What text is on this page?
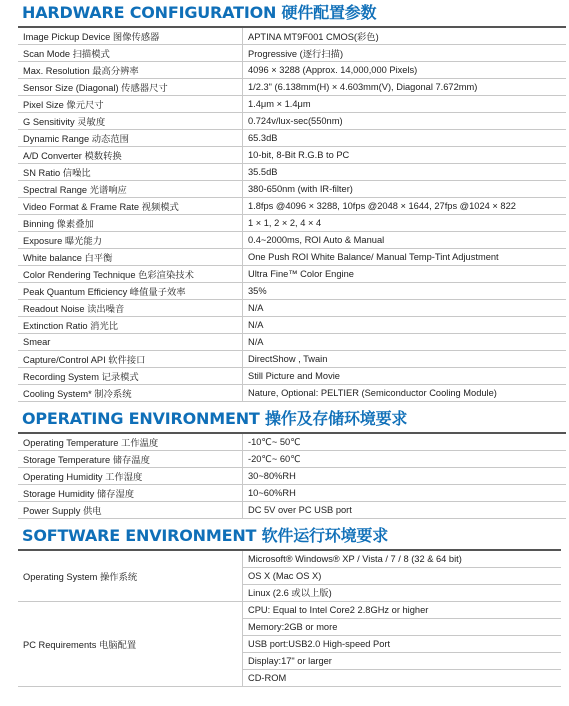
HARDWARE CONFIGURATION 硬件配置参数
Image Pickup Device 图像传感器	APTINA MT9F001 CMOS(彩色)
Scan Mode 扫描模式	Progressive (逐行扫描)
Max. Resolution 最高分辨率	4096 × 3288 (Approx. 14,000,000 Pixels)
Sensor Size (Diagonal) 传感器尺寸	1/2.3" (6.138mm(H) × 4.603mm(V), Diagonal 7.672mm)
Pixel Size 像元尺寸	1.4μm × 1.4μm
G Sensitivity 灵敏度	0.724v/lux-sec(550nm)
Dynamic Range 动态范围	65.3dB
A/D Converter 模数转换	10-bit, 8-Bit R.G.B to PC
SN Ratio 信噪比	35.5dB
Spectral Range 光谱响应	380-650nm (with IR-filter)
Video Format & Frame Rate 视频模式	1.8fps @4096 × 3288, 10fps @2048 × 1644, 27fps @1024 × 822
Binning 像素叠加	1 × 1, 2 × 2, 4 × 4
Exposure 曝光能力	0.4~2000ms, ROI Auto & Manual
White balance 白平衡	One Push ROI White Balance/ Manual Temp-Tint Adjustment
Color Rendering Technique 色彩渲染技术	Ultra Fine™ Color Engine
Peak Quantum Efficiency 峰值量子效率	35%
Readout Noise 读出噪音	N/A
Extinction Ratio 消光比	N/A
Smear	N/A
Capture/Control API 软件接口	DirectShow , Twain
Recording System 记录模式	Still Picture and Movie
Cooling System* 制冷系统	Nature, Optional: PELTIER (Semiconductor Cooling Module)
OPERATING ENVIRONMENT 操作及存储环境要求
Operating Temperature 工作温度	-10℃~ 50℃
Storage Temperature 储存温度	-20℃~ 60℃
Operating Humidity 工作湿度	30~80%RH
Storage Humidity 储存湿度	10~60%RH
Power Supply 供电	DC 5V over PC USB port
SOFTWARE ENVIRONMENT 软件运行环境要求
Operating System 操作系统	Microsoft® Windows® XP / Vista / 7 / 8 (32 & 64 bit)
OS X (Mac OS X)
Linux (2.6 或以上版)

PC Requirements 电脑配置	CPU: Equal to Intel Core2 2.8GHz or higher
Memory:2GB or more
USB port:USB2.0 High-speed Port
Display:17" or larger
CD-ROM
